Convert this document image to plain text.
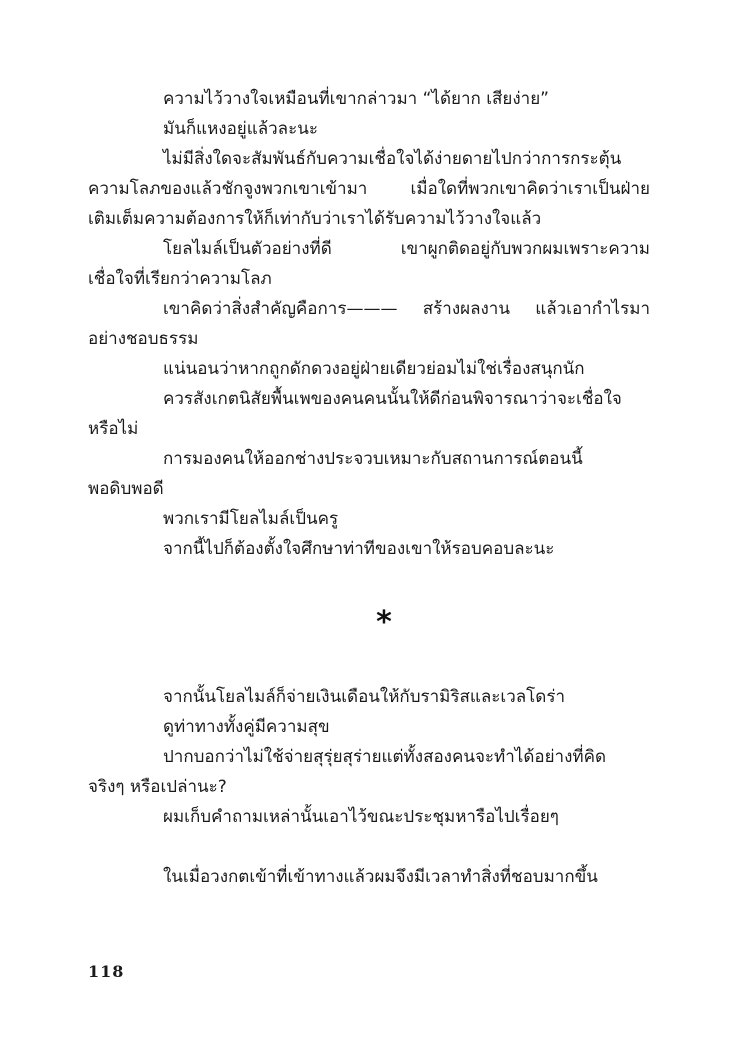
ความไว้วางใจเหมือนที่เขากล่าวมา “ได้ยาก เสียง่าย”
มันก็แหงอยู่แล้วละนะ
ไม่มีสิ่งใดจะสัมพันธ์กับความเชื่อใจได้ง่ายดายไปกว่าการกระตุ้น
ความโลภของแล้วชักจูงพวกเขาเข้ามา เมื่อใดที่พวกเขาคิดว่าเราเป็นฝ่าย
เติมเต็มความต้องการให้ก็เท่ากับว่าเราได้รับความไว้วางใจแล้ว
โยลไมล์เป็นตัวอย่างที่ดี เขาผูกติดอยู่กับพวกผมเพราะความ
เชื่อใจที่เรียกว่าความโลภ
เขาคิดว่าสิ่งสำคัญคือการ——— สร้างผลงาน แล้วเอากำไรมา
อย่างชอบธรรม
แน่นอนว่าหากถูกดักดวงอยู่ฝ่ายเดียวย่อมไม่ใช่เรื่องสนุกนัก
ควรสังเกตนิสัยพื้นเพของคนคนนั้นให้ดีก่อนพิจารณาว่าจะเชื่อใจ
หรือไม่
การมองคนให้ออกช่างประจวบเหมาะกับสถานการณ์ตอนนี้
พอดิบพอดี
พวกเรามีโยลไมล์เป็นครู
จากนี้ไปก็ต้องตั้งใจศึกษาท่าทีของเขาให้รอบคอบละนะ
*
จากนั้นโยลไมล์ก็จ่ายเงินเดือนให้กับรามิริสและเวลโดร่า
ดูท่าทางทั้งคู่มีความสุข
ปากบอกว่าไม่ใช้จ่ายสุรุ่ยสุร่ายแต่ทั้งสองคนจะทำได้อย่างที่คิด
จริงๆ หรือเปล่านะ?
ผมเก็บคำถามเหล่านั้นเอาไว้ขณะประชุมหารือไปเรื่อยๆ
ในเมื่อวงกตเข้าที่เข้าทางแล้วผมจึงมีเวลาทำสิ่งที่ชอบมากขึ้น
118
